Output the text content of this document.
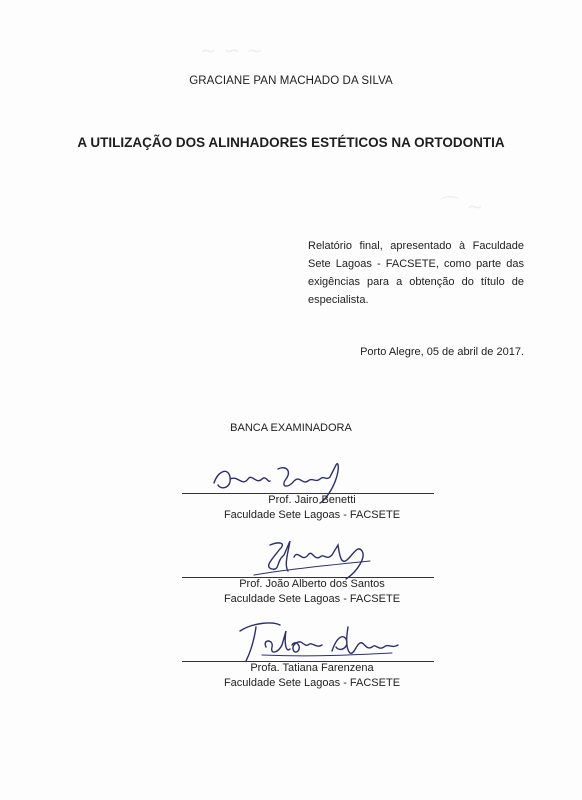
~ ∽ ~
⌒ ~
GRACIANE PAN MACHADO DA SILVA
A UTILIZAÇÃO DOS ALINHADORES ESTÉTICOS NA ORTODONTIA
Relatório final, apresentado à Faculdade Sete Lagoas - FACSETE, como parte das exigências para a obtenção do título de especialista.
Porto Alegre, 05 de abril de 2017.
BANCA EXAMINADORA
Prof. Jairo Benetti
Faculdade Sete Lagoas - FACSETE
Prof. João Alberto dos Santos
Faculdade Sete Lagoas - FACSETE
Profa. Tatiana Farenzena
Faculdade Sete Lagoas - FACSETE
